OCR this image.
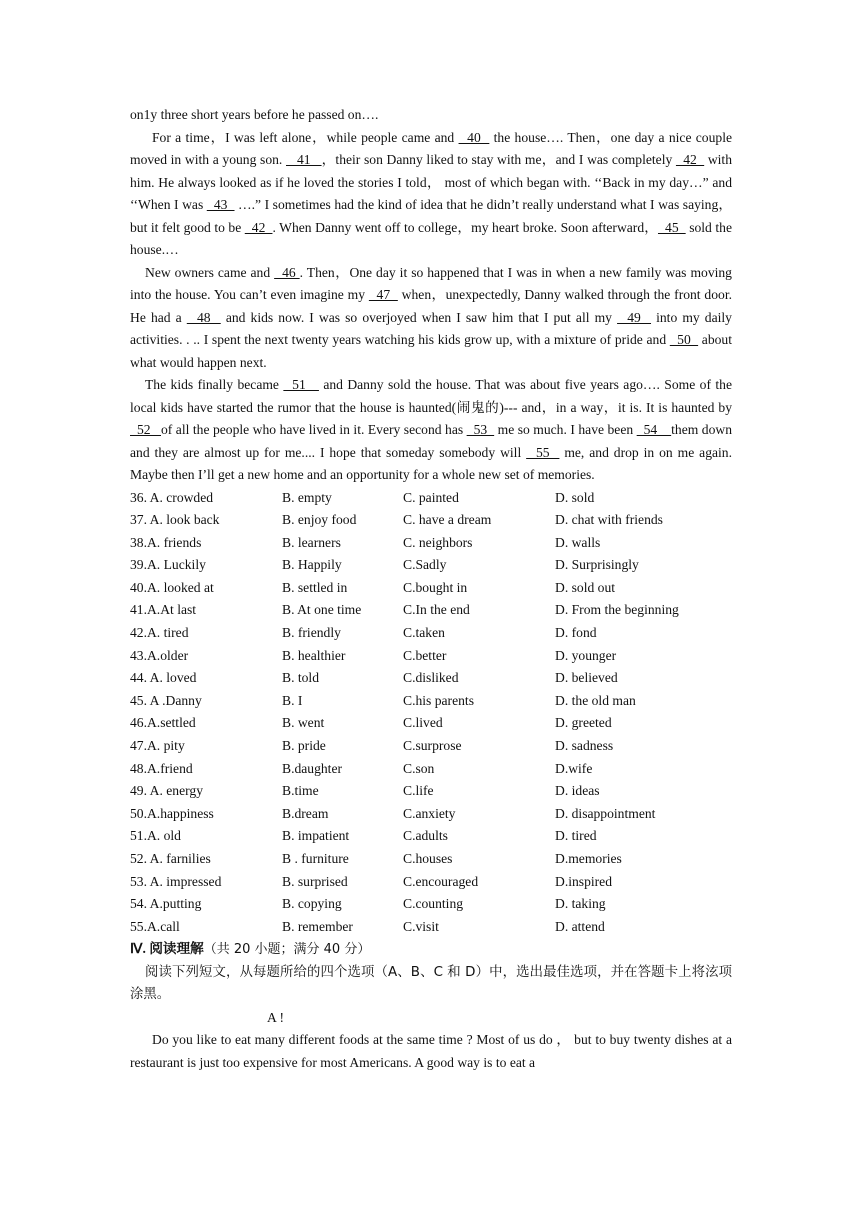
on1y three short years before he passed on….

For a time，I was left alone，while people came and   40   the house…. Then，one day a nice couple moved in with a young son.    41   ，their son Danny liked to stay with me，and I was completely   42   with him. He always looked as if he loved the stories I told， most of which began with. ‘‘Back in my day…” and ‘‘When I was   43   ….” I sometimes had the kind of idea that he didn’t really understand what I was saying，but it felt good to be   42  . When Danny went off to college，my heart broke. Soon afterward，  45   sold the house.…

New owners came and   46 . Then，One day it so happened that I was in when a new family was moving into the house. You can’t even imagine my   47   when，unexpectedly, Danny walked through the front door. He had a   48   and kids now. I was so overjoyed when I saw him that I put all my   49   into my daily activities. . .. I spent the next twenty years watching his kids grow up, with a mixture of pride and   50   about what would happen next.

The kids finally became   51    and Danny sold the house. That was about five years ago…. Some of the local kids have started the rumor that the house is haunted(闹鬼的)--- and，in a way，it is. It is haunted by   52   of all the people who have lived in it. Every second has   53   me so much. I have been   54    them down and they are almost up for me.... I hope that someday somebody will   55   me, and drop in on me again. Maybe then I’ll get a new home and an opportunity for a whole new set of memories.

36. A. crowded	B. empty	C. painted	D. sold
37. A. look back	B. enjoy food	C. have a dream	D. chat with friends
38.A. friends	B. learners	C. neighbors	D. walls
39.A. Luckily	B. Happily	C.Sadly	D. Surprisingly
40.A. looked at	B. settled in	C.bought in	D. sold out
41.A.At last	B. At one time	C.In the end	D. From the beginning
42.A. tired	B. friendly	C.taken	D. fond
43.A.older	B. healthier	C.better	D. younger
44. A. loved	B. told	C.disliked	D. believed
45. A .Danny	B. I	C.his parents	D. the old man
46.A.settled	B. went	C.lived	D. greeted
47.A. pity	B. pride	C.surprose	D. sadness
48.A.friend	B.daughter	C.son	D.wife
49. A. energy	B.time	C.life	D. ideas
50.A.happiness	B.dream	C.anxiety	D. disappointment
51.A. old	B. impatient	C.adults	D. tired
52. A. farnilies	B . furniture	C.houses	D.memories
53. A. impressed	B. surprised	C.encouraged	D.inspired
54. A.putting	B. copying	C.counting	D. taking
55.A.call	B. remember	C.visit	D. attend

Ⅳ. 阅读理解（共 20 小题；满分 40 分）

阅读下列短文，从每题所给的四个选项（A、B、C 和 D）中，选出最佳选项，并在答题卡上将泫项涂黑。

A !

Do you like to eat many different foods at the same time ? Most of us do ， but to buy twenty dishes at a restaurant is just too expensive for most Americans. A good way is to eat a
